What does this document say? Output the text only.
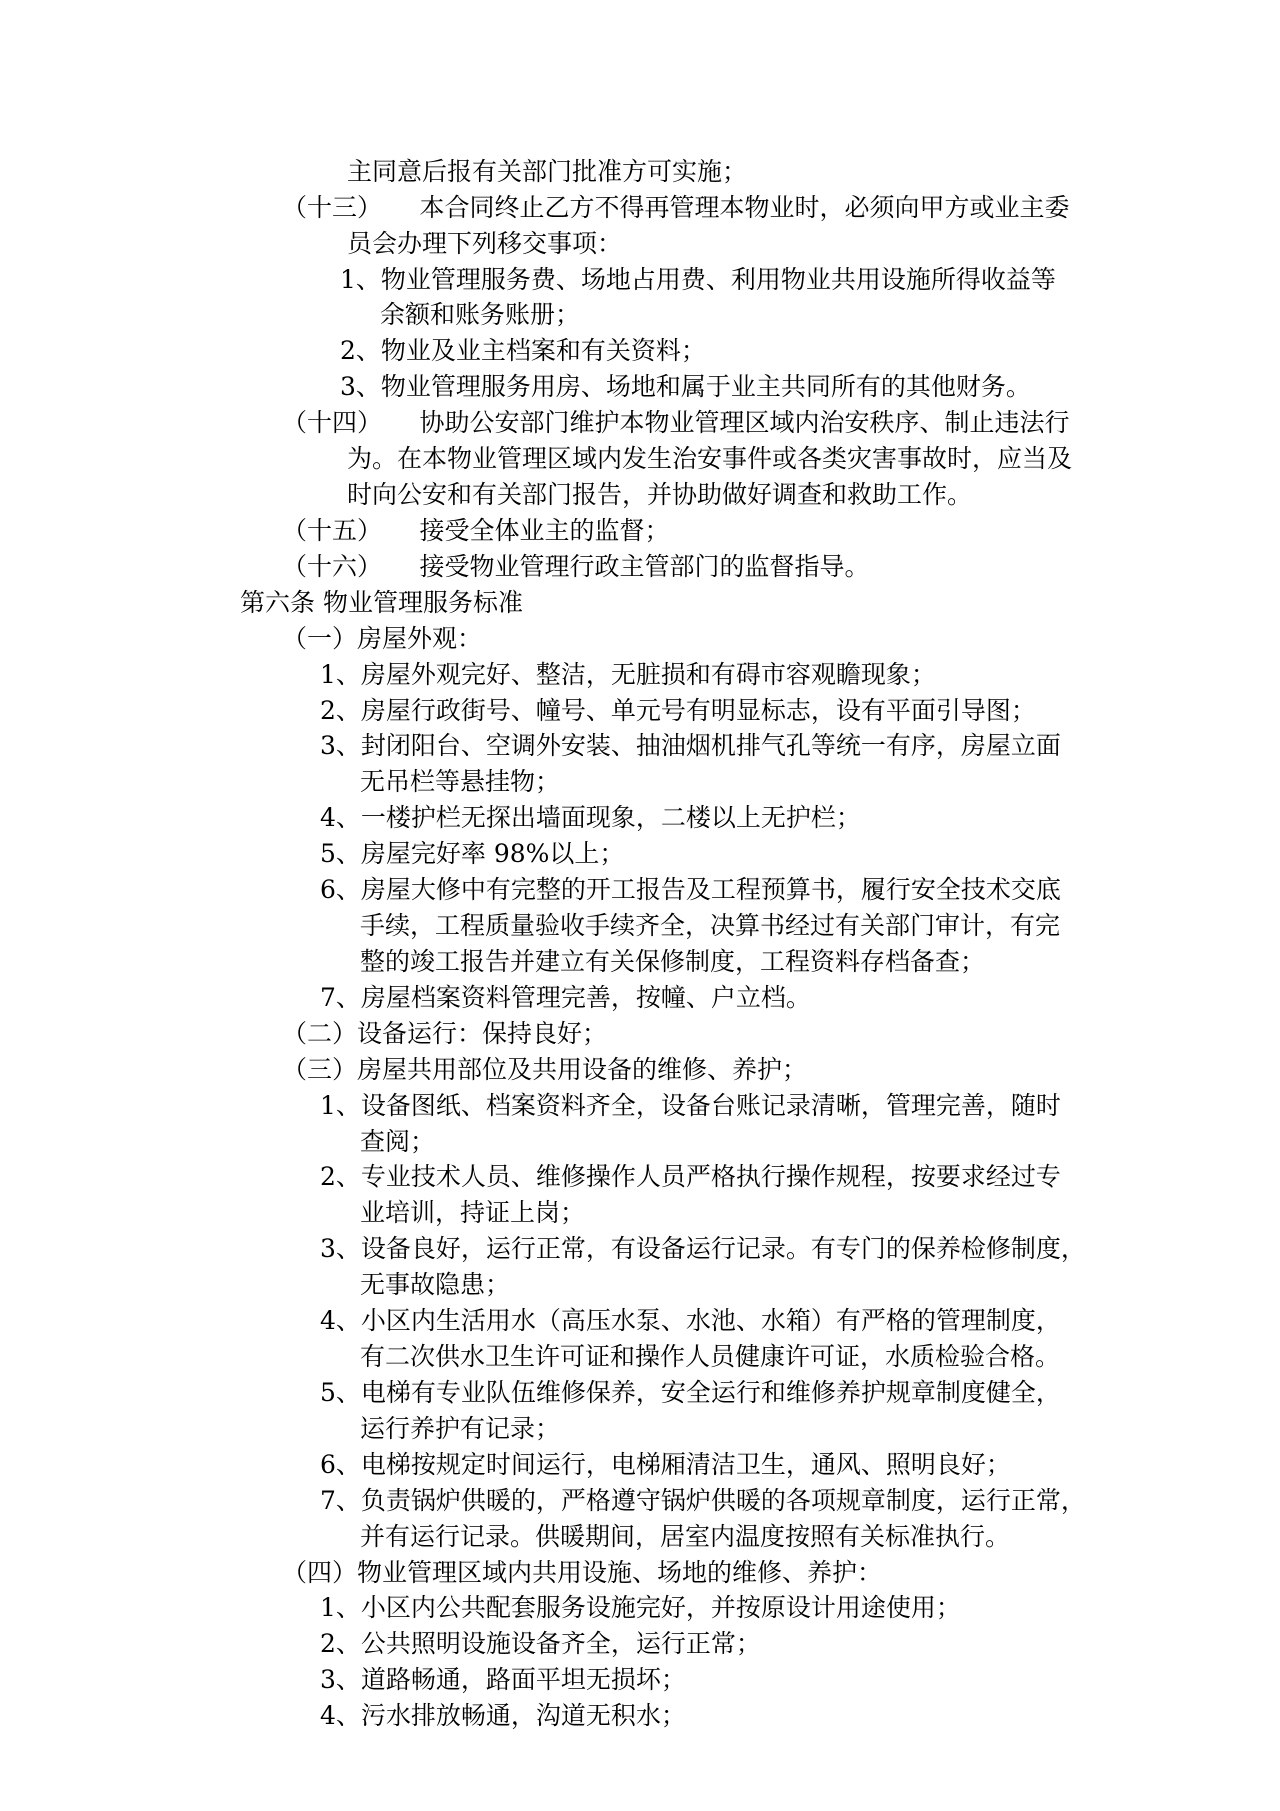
主同意后报有关部门批准方可实施；
（十三）　　本合同终止乙方不得再管理本物业时，必须向甲方或业主委
员会办理下列移交事项：
1、物业管理服务费、场地占用费、利用物业共用设施所得收益等
余额和账务账册；
2、物业及业主档案和有关资料；
3、物业管理服务用房、场地和属于业主共同所有的其他财务。
（十四）　　协助公安部门维护本物业管理区域内治安秩序、制止违法行
为。在本物业管理区域内发生治安事件或各类灾害事故时，应当及
时向公安和有关部门报告，并协助做好调查和救助工作。
（十五）　　接受全体业主的监督；
（十六）　　接受物业管理行政主管部门的监督指导。
第六条 物业管理服务标准
（一）房屋外观：
1、房屋外观完好、整洁，无脏损和有碍市容观瞻现象；
2、房屋行政街号、幢号、单元号有明显标志，设有平面引导图；
3、封闭阳台、空调外安装、抽油烟机排气孔等统一有序，房屋立面
无吊栏等悬挂物；
4、一楼护栏无探出墙面现象，二楼以上无护栏；
5、房屋完好率 98%以上；
6、房屋大修中有完整的开工报告及工程预算书，履行安全技术交底
手续，工程质量验收手续齐全，决算书经过有关部门审计，有完
整的竣工报告并建立有关保修制度，工程资料存档备查；
7、房屋档案资料管理完善，按幢、户立档。
（二）设备运行：保持良好；
（三）房屋共用部位及共用设备的维修、养护；
1、设备图纸、档案资料齐全，设备台账记录清晰，管理完善，随时
查阅；
2、专业技术人员、维修操作人员严格执行操作规程，按要求经过专
业培训，持证上岗；
3、设备良好，运行正常，有设备运行记录。有专门的保养检修制度，
无事故隐患；
4、小区内生活用水（高压水泵、水池、水箱）有严格的管理制度，
有二次供水卫生许可证和操作人员健康许可证，水质检验合格。
5、电梯有专业队伍维修保养，安全运行和维修养护规章制度健全，
运行养护有记录；
6、电梯按规定时间运行，电梯厢清洁卫生，通风、照明良好；
7、负责锅炉供暖的，严格遵守锅炉供暖的各项规章制度，运行正常，
并有运行记录。供暖期间，居室内温度按照有关标准执行。
（四）物业管理区域内共用设施、场地的维修、养护：
1、小区内公共配套服务设施完好，并按原设计用途使用；
2、公共照明设施设备齐全，运行正常；
3、道路畅通，路面平坦无损坏；
4、污水排放畅通，沟道无积水；
